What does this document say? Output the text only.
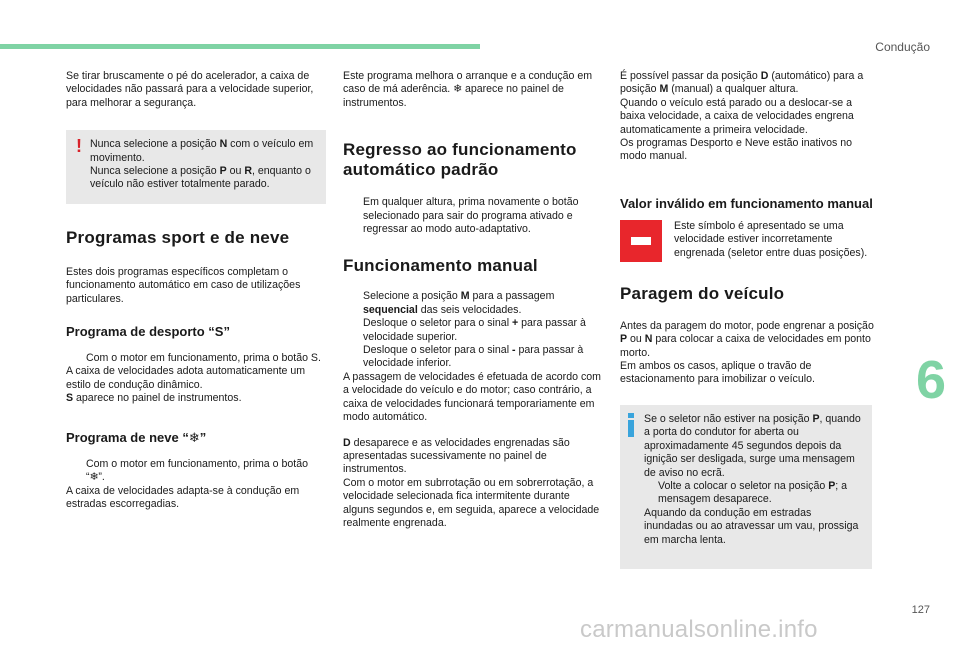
Condução

Se tirar bruscamente o pé do acelerador, a caixa de velocidades não passará para a velocidade superior, para melhorar a segurança.

! Nunca selecione a posição N com o veículo em movimento.

Nunca selecione a posição P ou R, enquanto o veículo não estiver totalmente parado.

Programas sport e de neve

Estes dois programas específicos completam o funcionamento automático em caso de utilizações particulares.

Programa de desporto “S”
Com o motor em funcionamento, prima o botão S.

A caixa de velocidades adota automaticamente um estilo de condução dinâmico.

S aparece no painel de instrumentos.

Programa de neve “❄”
Com o motor em funcionamento, prima o botão “❄”.

A caixa de velocidades adapta-se à condução em estradas escorregadias.

Este programa melhora o arranque e a condução em caso de má aderência. ❄ aparece no painel de instrumentos.

Regresso ao funcionamento automático padrão
Em qualquer altura, prima novamente o botão selecionado para sair do programa ativado e regressar ao modo auto-adaptativo.
Funcionamento manual
Selecione a posição M para a passagem sequencial das seis velocidades.
Desloque o seletor para o sinal + para passar à velocidade superior.
Desloque o seletor para o sinal - para passar à velocidade inferior.

A passagem de velocidades é efetuada de acordo com a velocidade do veículo e do motor; caso contrário, a caixa de velocidades funcionará temporariamente em modo automático.

D desaparece e as velocidades engrenadas são apresentadas sucessivamente no painel de instrumentos.

Com o motor em subrrotação ou em sobrerrotação, a velocidade selecionada fica intermitente durante alguns segundos e, em seguida, aparece a velocidade realmente engrenada.

É possível passar da posição D (automático) para a posição M (manual) a qualquer altura.

Quando o veículo está parado ou a deslocar-se a baixa velocidade, a caixa de velocidades engrena automaticamente a primeira velocidade.

Os programas Desporto e Neve estão inativos no modo manual.

Valor inválido em funcionamento manual

Este símbolo é apresentado se uma velocidade estiver incorretamente engrenada (seletor entre duas posições).

Paragem do veículo

Antes da paragem do motor, pode engrenar a posição P ou N para colocar a caixa de velocidades em ponto morto.

Em ambos os casos, aplique o travão de estacionamento para imobilizar o veículo.

Se o seletor não estiver na posição P, quando a porta do condutor for aberta ou aproximadamente 45 segundos depois da ignição ser desligada, surge uma mensagem de aviso no ecrã.

Volte a colocar o seletor na posição P; a mensagem desaparece.

Aquando da condução em estradas inundadas ou ao atravessar um vau, prossiga em marcha lenta.

6
127
carmanualsonline.info
